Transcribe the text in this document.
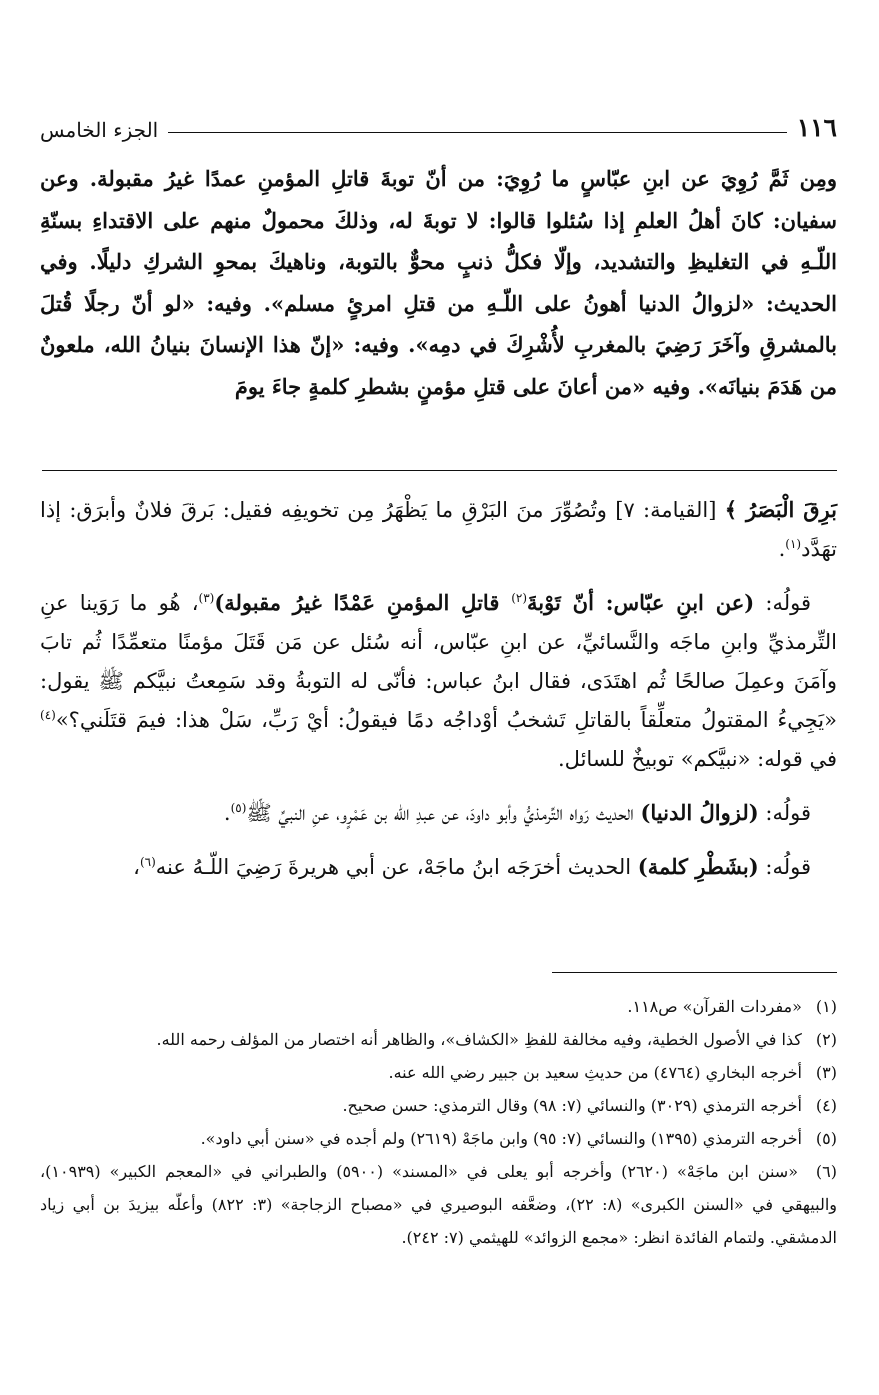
١١٦
الجزء الخامس

ومِن ثَمَّ رُوِيَ عن ابنِ عبّاسٍ ما رُوِيَ: من أنّ توبةَ قاتلِ المؤمنِ عمدًا غيرُ مقبولة. وعن سفيان: كانَ أهلُ العلمِ إذا سُئلوا قالوا: لا توبةَ له، وذلكَ محمولٌ منهم على الاقتداءِ بسنّةِ اللّـهِ في التغليظِ والتشديد، وإلّا فكلُّ ذنبٍ محوٌّ بالتوبة، وناهيكَ بمحوِ الشركِ دليلًا. وفي الحديث: «لزوالُ الدنيا أهونُ على اللّـهِ من قتلِ امرئٍ مسلم». وفيه: «لو أنّ رجلًا قُتلَ بالمشرقِ وآخَرَ رَضِيَ بالمغربِ لأُشْرِكَ في دمِه». وفيه: «إنّ هذا الإنسانَ بنيانُ الله، ملعونٌ من هَدَمَ بنيانَه». وفيه «من أعانَ على قتلِ مؤمنٍ بشطرِ كلمةٍ جاءَ يومَ

بَرِقَ الْبَصَرُ ﴾ [القيامة: ٧] وتُصُوِّرَ منَ البَرْقِ ما يَظْهَرُ مِن تخويفِه فقيل: بَرقَ فلانٌ وأبرَق: إذا تهَدَّد$^{(١)}$.

قولُه: (عن ابنِ عبّاس: أنّ تَوْبةَ$^{(٢)}$ قاتلِ المؤمنِ عَمْدًا غيرُ مقبولة)$^{(٣)}$، هُو ما رَوَينا عنِ التِّرمذيِّ وابنِ ماجَه والنَّسائيِّ، عن ابنِ عبّاس، أنه سُئل عن مَن قَتَلَ مؤمنًا متعمِّدًا ثُم تابَ وآمَنَ وعمِلَ صالحًا ثُم اهتَدَى، فقال ابنُ عباس: فأنّى له التوبةُ وقد سَمِعتُ نبيَّكم ﷺ يقول: «يَجِيءُ المقتولُ متعلِّقاً بالقاتلِ تَشخبُ أوْداجُه دمًا فيقولُ: أيْ رَبِّ، سَلْ هذا: فيمَ قتَلَني؟»$^{(٤)}$ في قوله: «نبيَّكم» توبيخٌ للسائل.

قولُه: (لزوالُ الدنيا) الحديث رَواه التِّرمذيُّ وأبو داودَ، عن عبدِ الله بن عَمْرٍو، عنِ النبيِّ ﷺ$^{(٥)}$.

قولُه: (بشَطْرِ كلمة) الحديث أخرَجَه ابنُ ماجَهْ، عن أبي هريرةَ رَضِيَ اللّـهُ عنه$^{(٦)}$،

(١) «مفردات القرآن» ص١١٨.

(٢) كذا في الأصول الخطية، وفيه مخالفة للفظِ «الكشاف»، والظاهر أنه اختصار من المؤلف رحمه الله.

(٣) أخرجه البخاري (٤٧٦٤) من حديثِ سعيد بن جبير رضي الله عنه.

(٤) أخرجه الترمذي (٣٠٢٩) والنسائي (٧: ٩٨) وقال الترمذي: حسن صحيح.

(٥) أخرجه الترمذي (١٣٩٥) والنسائي (٧: ٩٥) وابن ماجَهْ (٢٦١٩) ولم أجده في «سنن أبي داود».

(٦) «سنن ابن ماجَهْ» (٢٦٢٠) وأخرجه أبو يعلى في «المسند» (٥٩٠٠) والطبراني في «المعجم الكبير» (١٠٩٣٩)، والبيهقي في «السنن الكبرى» (٨: ٢٢)، وضعَّفه البوصيري في «مصباح الزجاجة» (٣: ٨٢٢) وأعلّه بيزيدَ بن أبي زياد الدمشقي. ولتمام الفائدة انظر: «مجمع الزوائد» للهيثمي (٧: ٢٤٢).
